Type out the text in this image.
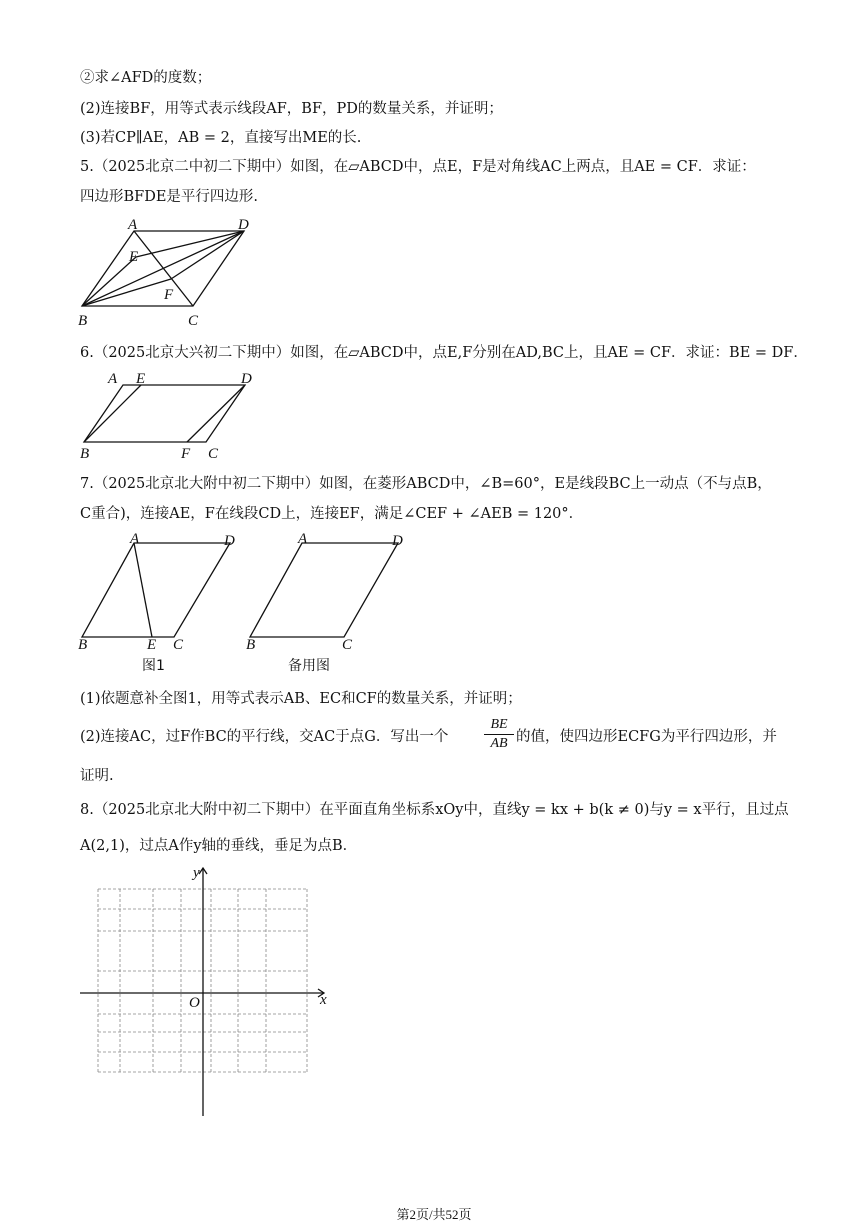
②求∠AFD的度数；
(2)连接BF，用等式表示线段AF，BF，PD的数量关系，并证明；
(3)若CP∥AE，AB = 2，直接写出ME的长.
5.（2025北京二中初二下期中）如图，在▱ABCD中，点E，F是对角线AC上两点，且AE = CF．求证：
四边形BFDE是平行四边形.
A	D
E
F
B	C
6.（2025北京大兴初二下期中）如图，在▱ABCD中，点E,F分别在AD,BC上，且AE = CF．求证：BE = DF．
A E	D
B	F C
7.（2025北京北大附中初二下期中）如图，在菱形ABCD中，∠B=60°，E是线段BC上一动点（不与点B，
C重合)，连接AE，F在线段CD上，连接EF，满足∠CEF + ∠AEB = 120°．
A	D
B	E C
图1
A	D
B	C
备用图
(1)依题意补全图1，用等式表示AB、EC和CF的数量关系，并证明；
(2)连接AC，过F作BC的平行线，交AC于点G．写出一个	$\frac{BE}{AB}$ 的值，使四边形ECFG为平行四边形，并
证明.
8.（2025北京北大附中初二下期中）在平面直角坐标系xOy中，直线y = kx + b(k ≠ 0)与y = x平行，且过点
A(2,1)，过点A作y轴的垂线，垂足为点B．
y
x
O
第2页/共52页
